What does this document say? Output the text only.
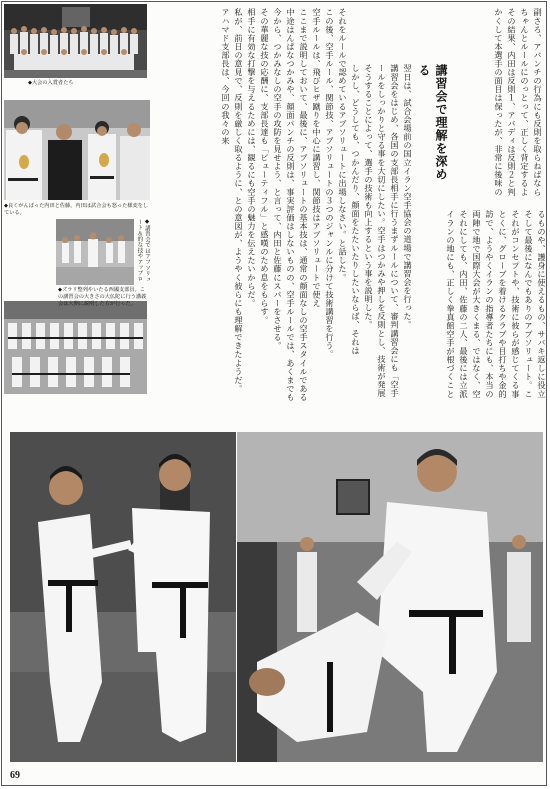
◆大会の入賞者たち
◆良くがんばった内田と佐藤。内田は試合会も怒った様変をしている。
◆講習会ではアブソリュート＆的な技やアップロ
◆ズラリ整列やいたる西國支部員。この講習会の大きさの大仏陀に行う講義会は大開に説明した方が行った。
講習会で理解を深める
副さろ、アバンチの行為にも反則を取らねばなら
ちゃんとルールにのっとって、正しく背定するよ
その結果、内田は反則１、アバディは反則２と判
かくして本選手の面目は保ったが、非常に後味の
翌日は、試合会場前の国立イラン空手協会の道場で講習会を行った。
講習会をはじめ、各国の支部長相手に行うまずルールについて、審判講習会にも「空手
ールをしっかりと守る事を大切にしたい。空手はつかみや押しを反則とし、技術が発展
そうすることによって、選手の技術も向上するという事を説明した。
しかし、どうしても、つかんだり、顔面をたたいたりしたいならば、それは
それをルールで認めているアブソリュートに出場しなさい。と話した。
この後、空手ルール、関節技、アブソリュートの３つのジャンルに分けて技術講習を行う。
空手ルールは、飛びヒザ蹴りを中心に講習し、関節技はアブソリュートで使え	るものや、護身に使えるもの、サバキ返しに役立
そして最後になんでもありのアブソリュート。こ
それがコンセプトや、技術に彼らが感じてくる事
とくに、グローブを着けるクラブや目打ちや金的
ここまで説明しておいて、最後に、アブソリュートの基本技は、通常の顔面なしの空手スタイルである
中途はんぱなつかみや、顔面パンチの反則は、事実評価はしないものの、空手ルールでは、あくまでも
今から、つかみなしの空手の攻防を見せよう、と言って、内田と佐藤にスパーをさせる。
その華麗な技の応酬に、支部長達も「ビューティフル」と感嘆のため息をもらす。
相手に有効な打撃を与えるためには、観るにも空手の魅力を伝えたいからだ。
私が、前日の意見で、反則を厳しく取るように、との意図が、ようやく彼らにも理解できたようだ。
アハマド支部長は、今回の我々の来
訪で、ようやくイランの指導者たちにも、本当の
両陣で地で国際大会が大きくまる、ではなく、空
それにしても、内田、佐藤の二人、最後には立派
イランの地にも、正しく拳真館空手が根づくこと
69
